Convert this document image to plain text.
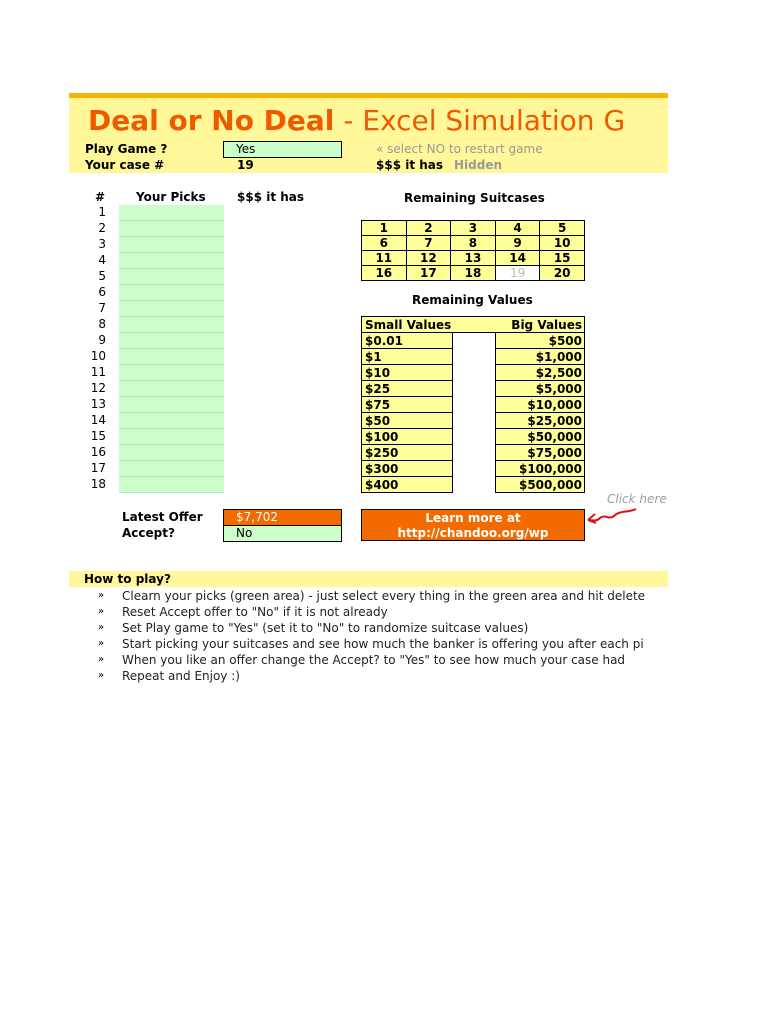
Deal or No Deal - Excel Simulation G
Play Game ?	Yes	« select NO to restart game
Your case #	19	$$$ it has Hidden
#	Your Picks	$$$ it has
1
2
3
4
5
6
7
8
9
10
11
12
13
14
15
16
17
18
Remaining Suitcases
1	2	3	4	5
6	7	8	9	10
11	12	13	14	15
16	17	18	19	20
Remaining Values
Small Values	Big Values
$0.01	$500
$1	$1,000
$10	$2,500
$25	$5,000
$75	$10,000
$50	$25,000
$100	$50,000
$250	$75,000
$300	$100,000
$400	$500,000
Latest Offer	$7,702
Accept?	No
Learn more at
http://chandoo.org/wp
Click here
How to play?
» Clearn your picks (green area) - just select every thing in the green area and hit delete
» Reset Accept offer to "No" if it is not already
» Set Play game to "Yes" (set it to "No" to randomize suitcase values)
» Start picking your suitcases and see how much the banker is offering you after each pi
» When you like an offer change the Accept? to "Yes" to see how much your case had
» Repeat and Enjoy :)
